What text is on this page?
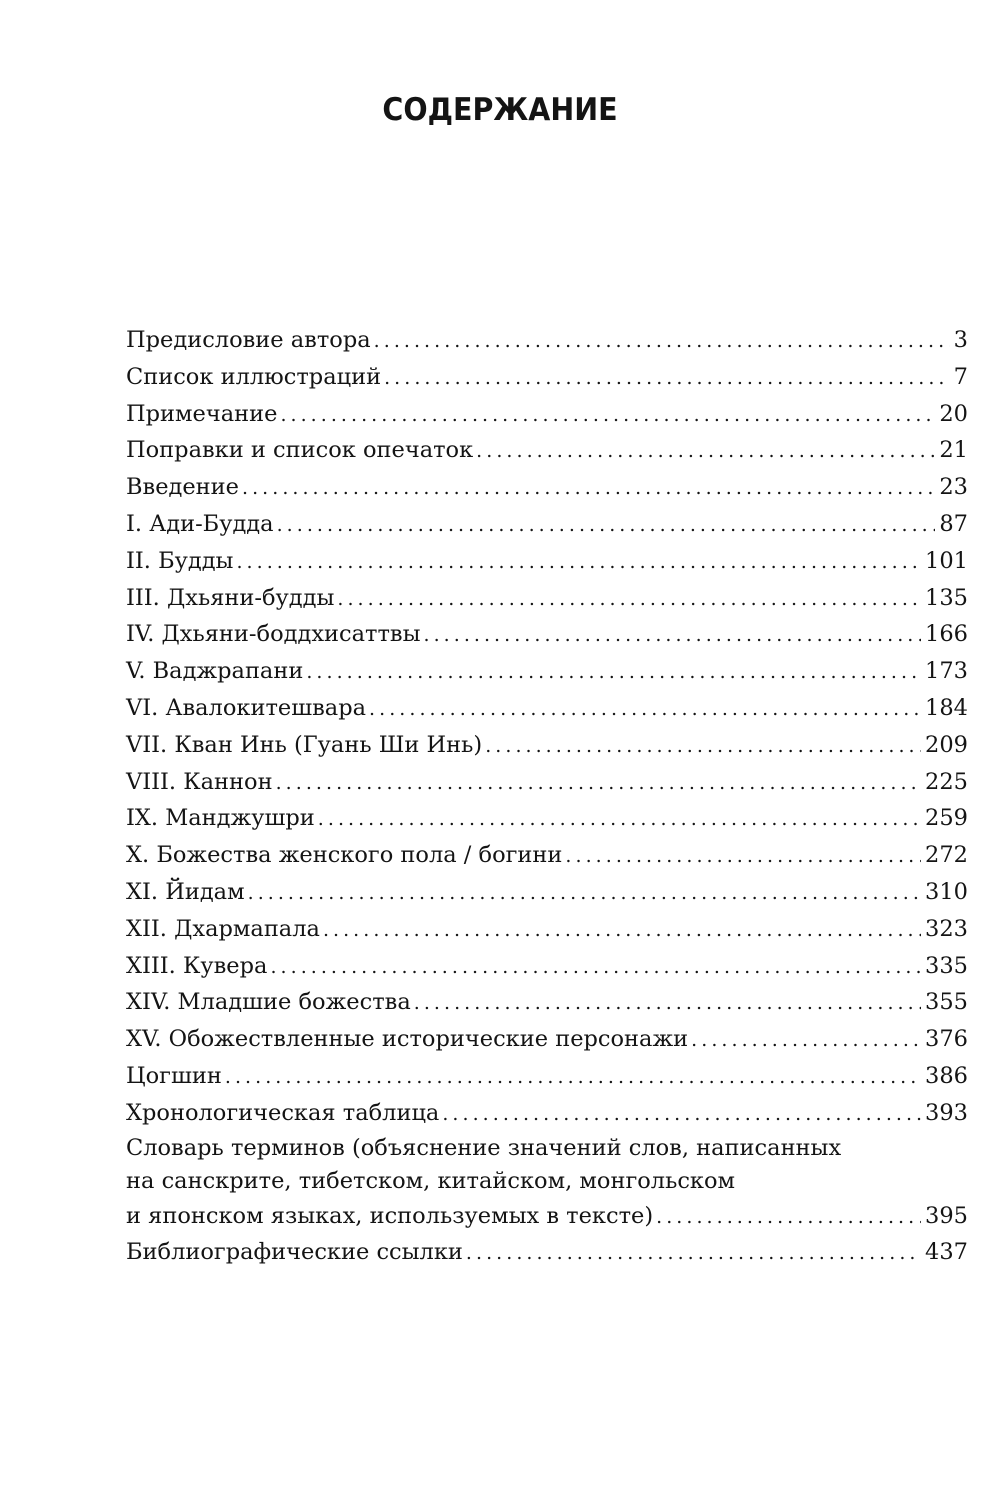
СОДЕРЖАНИЕ
Предисловие автора . . .	3
Список иллюстраций . . .	7
Примечание . . .	20
Поправки и список опечаток . . .	21
Введение . . .	23
I. Ади-Будда . . .	87
II. Будды . . .	101
III. Дхьяни-будды . . .	135
IV. Дхьяни-боддхисаттвы . . .	166
V. Ваджрапани . . .	173
VI. Авалокитешвара . . .	184
VII. Кван Инь (Гуань Ши Инь) . . .	209
VIII. Каннон . . .	225
IX. Манджушри . . .	259
X. Божества женского пола / богини . . .	272
XI. Йидам . . .	310
XII. Дхармапала . . .	323
XIII. Кувера . . .	335
XIV. Младшие божества . . .	355
XV. Обожествленные исторические персонажи . . .	376
Цогшин . . .	386
Хронологическая таблица . . .	393
Словарь терминов (объяснение значений слов, написанных
на санскрите, тибетском, китайском, монгольском
и японском языках, используемых в тексте) . . .	395
Библиографические ссылки . . .	437
